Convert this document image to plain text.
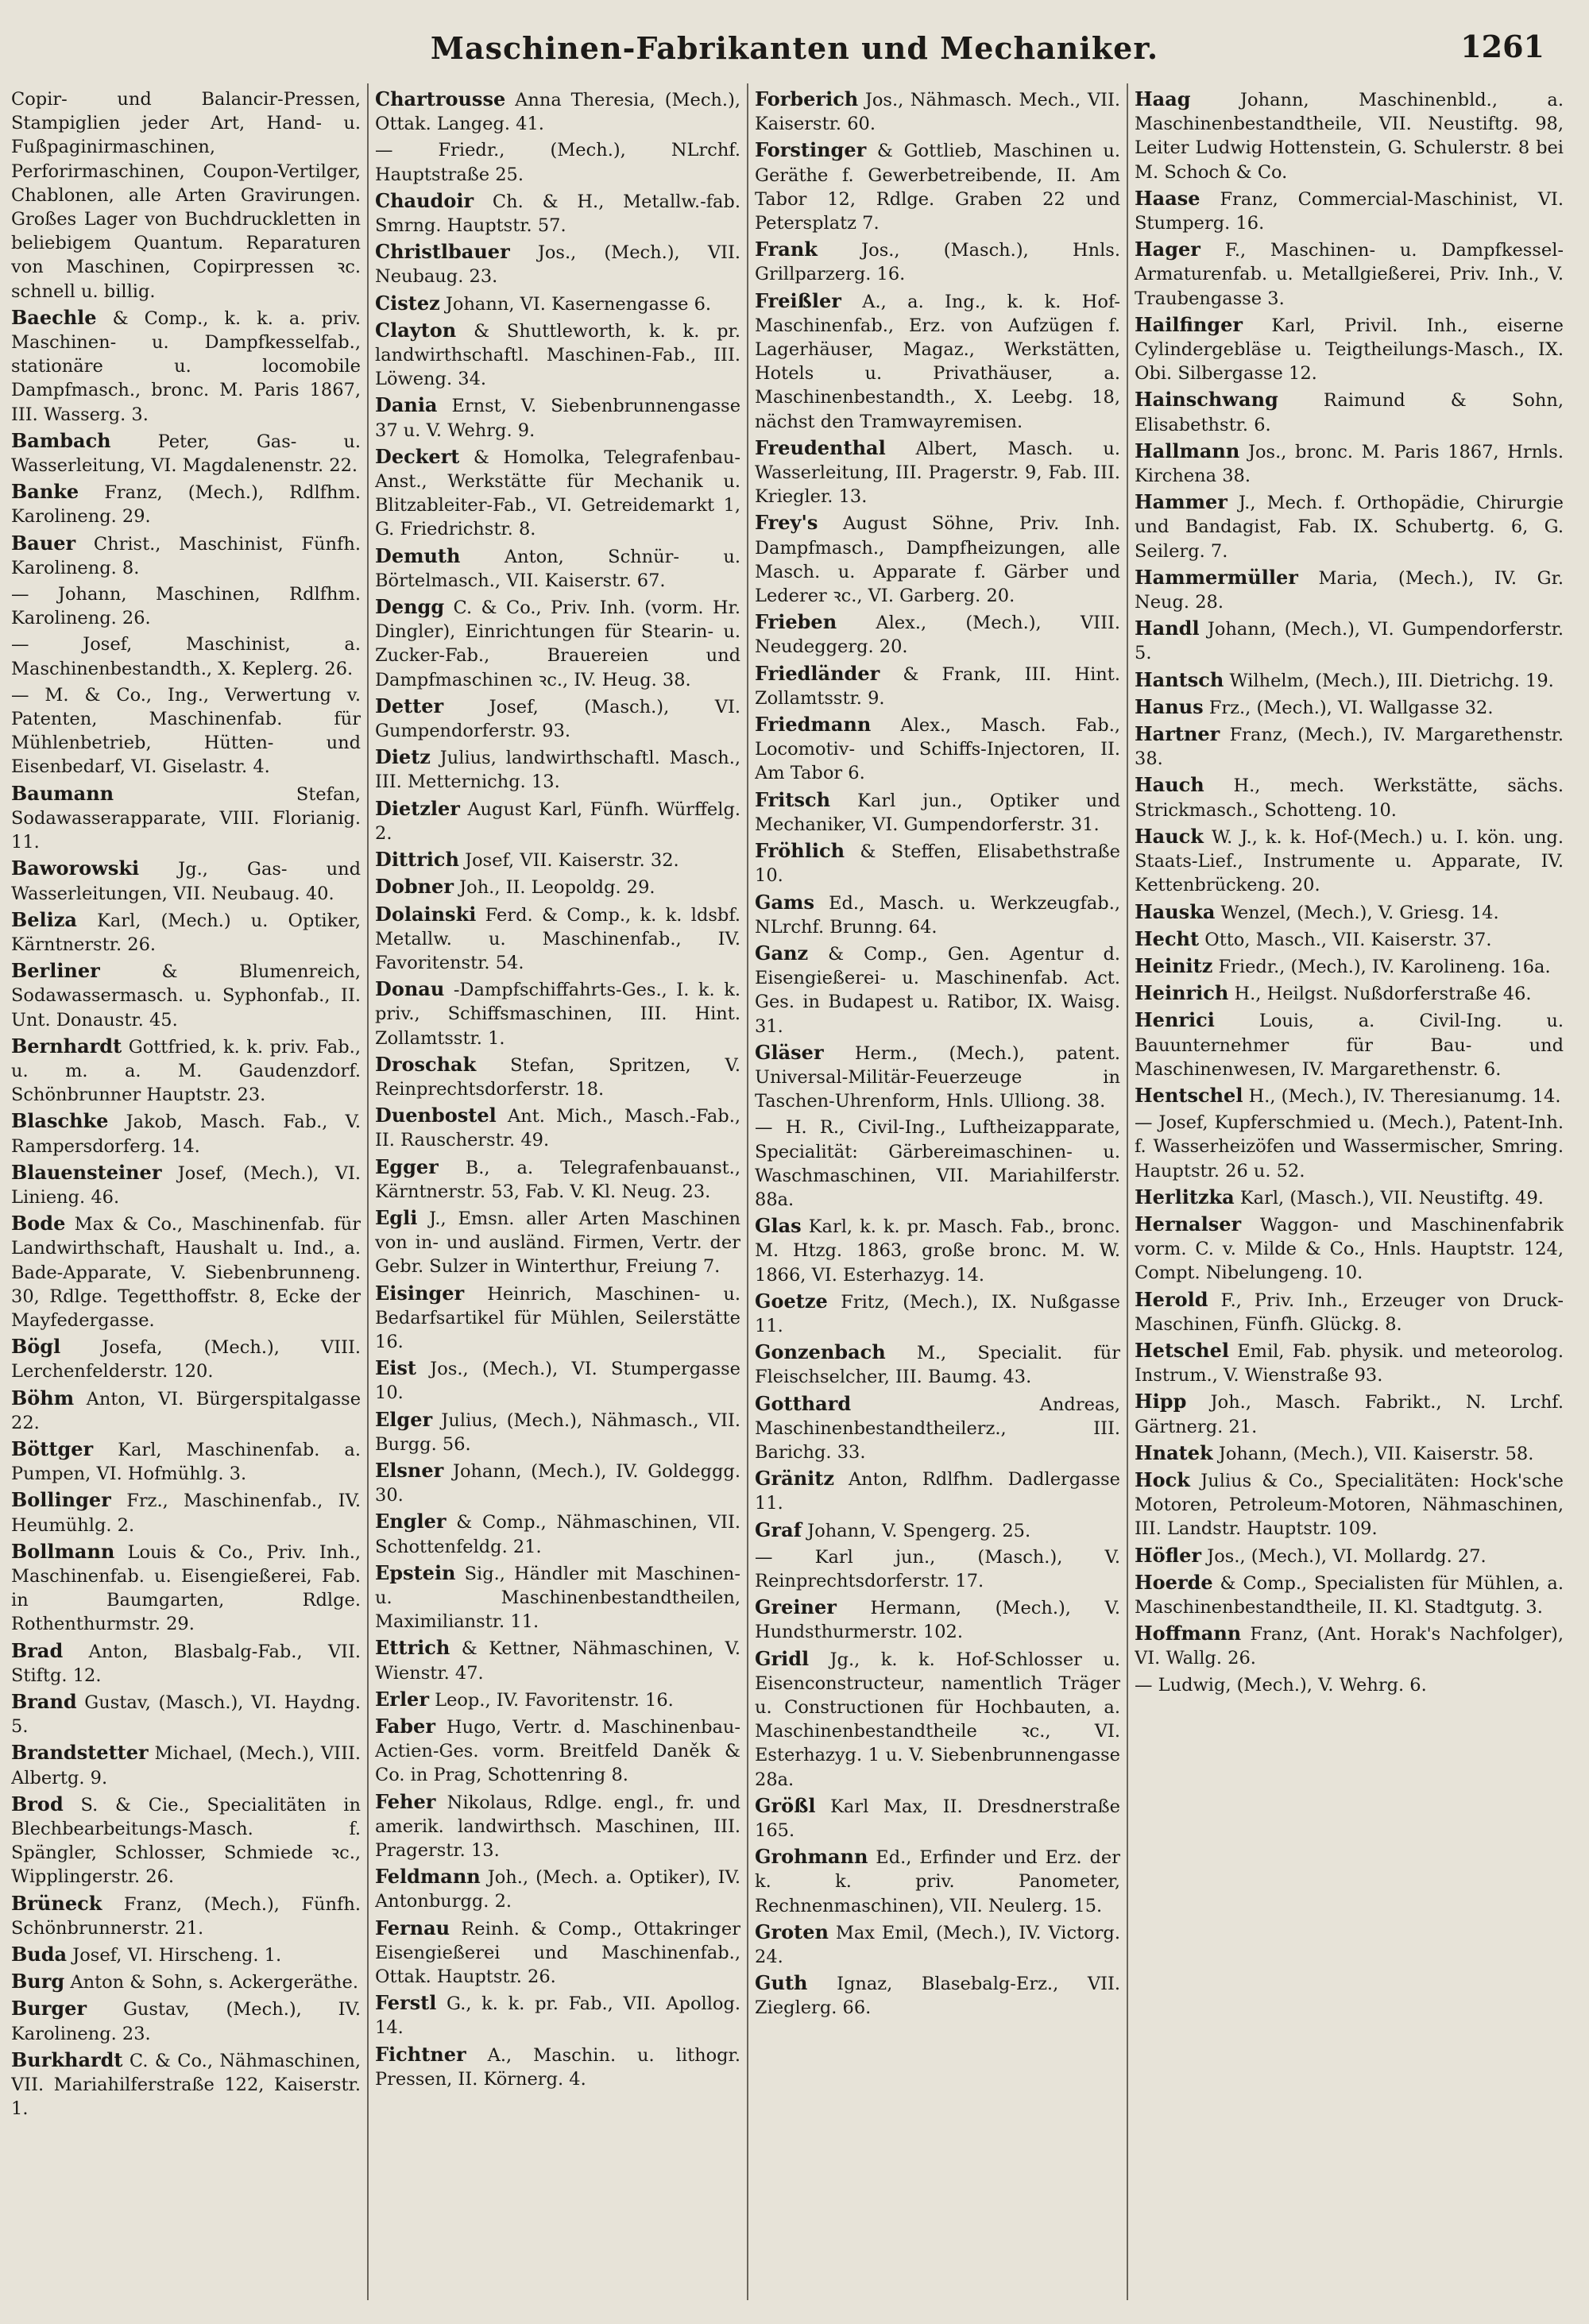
Maschinen-Fabrikanten und Mechaniker.	1261
Copir- und Balancir-Pressen, Stampiglien jeder Art, Hand- u. Fußpaginirmaschinen, Perforirmaschinen, Coupon-Vertilger, Chablonen, alle Arten Gravirungen. Großes Lager von Buchdruckletten in beliebigem Quantum. Reparaturen von Maschinen, Copirpressen ꝛc. schnell u. billig.
Baechle & Comp., k. k. a. priv. Maschinen- u. Dampfkesselfab., stationäre u. locomobile Dampfmasch., bronc. M. Paris 1867, III. Wasserg. 3.
Bambach	Peter, Gas- u. Wasserleitung, VI. Magdalenenstr. 22.
Banke Franz, (Mech.), Rdlfhm. Karolineng. 29.
Bauer Christ., Maschinist, Fünfh. Karolineng. 8.
— Johann, Maschinen, Rdlfhm. Karolineng. 26.
— Josef, Maschinist, a. Maschinenbestandth., X. Keplerg. 26.
— M. & Co., Ing., Verwertung v. Patenten, Maschinenfab. für Mühlenbetrieb, Hütten- und Eisenbedarf, VI. Giselastr. 4.
Baumann	Stefan, Sodawasserapparate, VIII. Florianig. 11.
Baworowski Jg., Gas- und Wasserleitungen, VII. Neubaug. 40.
Beliza Karl, (Mech.) u. Optiker, Kärntnerstr. 26.
Berliner	& Blumenreich, Sodawassermasch. u. Syphonfab., II. Unt. Donaustr. 45.
Bernhardt Gottfried, k. k. priv. Fab., u. m. a. M. Gaudenzdorf. Schönbrunner Hauptstr. 23.
Blaschke Jakob, Masch. Fab., V. Rampersdorferg. 14.
Blauensteiner Josef, (Mech.), VI. Linieng. 46.
Bode Max & Co., Maschinenfab. für Landwirthschaft, Haushalt u. Ind., a. Bade-Apparate, V. Siebenbrunneng. 30, Rdlge. Tegetthoffstr. 8, Ecke der Mayfedergasse.
Bögl Josefa, (Mech.), VIII. Lerchenfelderstr. 120.
Böhm Anton, VI. Bürgerspitalgasse 22.
Böttger Karl, Maschinenfab. a. Pumpen, VI. Hofmühlg. 3.
Bollinger Frz., Maschinenfab., IV. Heumühlg. 2.
Bollmann Louis & Co., Priv. Inh., Maschinenfab. u. Eisengießerei, Fab. in Baumgarten, Rdlge. Rothenthurmstr. 29.
Brad Anton, Blasbalg-Fab., VII. Stiftg. 12.
Brand Gustav, (Masch.), VI. Haydng. 5.
Brandstetter Michael, (Mech.), VIII. Albertg. 9.
Brod S. & Cie., Specialitäten in Blechbearbeitungs-Masch. f. Spängler, Schlosser, Schmiede ꝛc., Wipplingerstr. 26.
Brüneck Franz, (Mech.), Fünfh. Schönbrunnerstr. 21.
Buda Josef, VI. Hirscheng. 1.
Burg Anton & Sohn, s. Ackergeräthe.
Burger Gustav, (Mech.), IV. Karolineng. 23.
Burkhardt C. & Co., Nähmaschinen, VII. Mariahilferstraße 122, Kaiserstr. 1.
Chartrousse Anna Theresia, (Mech.), Ottak. Langeg. 41.
— Friedr., (Mech.), NLrchf. Hauptstraße 25.
Chaudoir Ch. & H., Metallw.-fab. Smrng. Hauptstr. 57.
Christlbauer Jos., (Mech.), VII. Neubaug. 23.
Cistez Johann, VI. Kasernengasse 6.
Clayton & Shuttleworth, k. k. pr. landwirthschaftl. Maschinen-Fab., III. Löweng. 34.
Dania Ernst, V. Siebenbrunnengasse 37 u. V. Wehrg. 9.
Deckert & Homolka, Telegrafenbau-Anst., Werkstätte für Mechanik u. Blitzableiter-Fab., VI. Getreidemarkt 1, G. Friedrichstr. 8.
Demuth Anton, Schnür- u. Börtelmasch., VII. Kaiserstr. 67.
Dengg C. & Co., Priv. Inh. (vorm. Hr. Dingler), Einrichtungen für Stearin- u. Zucker-Fab., Brauereien und Dampfmaschinen ꝛc., IV. Heug. 38.
Detter	Josef, (Masch.), VI. Gumpendorferstr. 93.
Dietz Julius, landwirthschaftl. Masch., III. Metternichg. 13.
Dietzler August Karl, Fünfh. Würffelg. 2.
Dittrich Josef, VII. Kaiserstr. 32.
Dobner Joh., II. Leopoldg. 29.
Dolainski Ferd. & Comp., k. k. ldsbf. Metallw. u. Maschinenfab., IV. Favoritenstr. 54.
Donau -Dampfschiffahrts-Ges., I. k. k. priv., Schiffsmaschinen, III. Hint. Zollamtsstr. 1.
Droschak Stefan, Spritzen, V. Reinprechtsdorferstr. 18.
Duenbostel Ant. Mich., Masch.-Fab., II. Rauscherstr. 49.
Egger B., a. Telegrafenbauanst., Kärntnerstr. 53, Fab. V. Kl. Neug. 23.
Egli J., Emsn. aller Arten Maschinen von in- und ausländ. Firmen, Vertr. der Gebr. Sulzer in Winterthur, Freiung 7.
Eisinger Heinrich, Maschinen- u. Bedarfsartikel für Mühlen, Seilerstätte 16.
Eist Jos., (Mech.), VI. Stumpergasse 10.
Elger Julius, (Mech.), Nähmasch., VII. Burgg. 56.
Elsner Johann, (Mech.), IV. Goldeggg. 30.
Engler & Comp., Nähmaschinen, VII. Schottenfeldg. 21.
Epstein Sig., Händler mit Maschinen- u. Maschinenbestandtheilen, Maximilianstr. 11.
Ettrich & Kettner, Nähmaschinen, V. Wienstr. 47.
Erler Leop., IV. Favoritenstr. 16.
Faber Hugo, Vertr. d. Maschinenbau-Actien-Ges. vorm. Breitfeld Daněk & Co. in Prag, Schottenring 8.
Feher Nikolaus, Rdlge. engl., fr. und amerik. landwirthsch. Maschinen, III. Pragerstr. 13.
Feldmann Joh., (Mech. a. Optiker), IV. Antonburgg. 2.
Fernau Reinh. & Comp., Ottakringer Eisengießerei und Maschinenfab., Ottak. Hauptstr. 26.
Ferstl G., k. k. pr. Fab., VII. Apollog. 14.
Fichtner A., Maschin. u. lithogr. Pressen, II. Körnerg. 4.
Forberich Jos., Nähmasch. Mech., VII. Kaiserstr. 60.
Forstinger & Gottlieb, Maschinen u. Geräthe f. Gewerbetreibende, II. Am Tabor 12, Rdlge. Graben 22 und Petersplatz 7.
Frank Jos., (Masch.), Hnls. Grillparzerg. 16.
Freißler A., a. Ing., k. k. Hof-Maschinenfab., Erz. von Aufzügen f. Lagerhäuser, Magaz., Werkstätten, Hotels u. Privathäuser, a. Maschinenbestandth., X. Leebg. 18, nächst den Tramwayremisen.
Freudenthal Albert, Masch. u. Wasserleitung, III. Pragerstr. 9, Fab. III. Kriegler. 13.
Frey's August Söhne, Priv. Inh. Dampfmasch., Dampfheizungen, alle Masch. u. Apparate f. Gärber und Lederer ꝛc., VI. Garberg. 20.
Frieben Alex., (Mech.), VIII. Neudeggerg. 20.
Friedländer & Frank, III. Hint. Zollamtsstr. 9.
Friedmann Alex., Masch. Fab., Locomotiv- und Schiffs-Injectoren, II. Am Tabor 6.
Fritsch Karl jun., Optiker und Mechaniker, VI. Gumpendorferstr. 31.
Fröhlich & Steffen, Elisabethstraße 10.
Gams Ed., Masch. u. Werkzeugfab., NLrchf. Brunng. 64.
Ganz & Comp., Gen. Agentur d. Eisengießerei- u. Maschinenfab. Act. Ges. in Budapest u. Ratibor, IX. Waisg. 31.
Gläser Herm., (Mech.), patent. Universal-Militär-Feuerzeuge in Taschen-Uhrenform, Hnls. Ulliong. 38.
— H. R., Civil-Ing., Luftheizapparate, Specialität: Gärbereimaschinen- u. Waschmaschinen, VII. Mariahilferstr. 88a.
Glas Karl, k. k. pr. Masch. Fab., bronc. M. Htzg. 1863, große bronc. M. W. 1866, VI. Esterhazyg. 14.
Goetze Fritz, (Mech.), IX. Nußgasse 11.
Gonzenbach M., Specialit. für Fleischselcher, III. Baumg. 43.
Gotthard	Andreas, Maschinenbestandtheilerz., III. Barichg. 33.
Gränitz Anton, Rdlfhm. Dadlergasse 11.
Graf Johann, V. Spengerg. 25.
— Karl jun., (Masch.), V. Reinprechtsdorferstr. 17.
Greiner Hermann, (Mech.), V. Hundsthurmerstr. 102.
Gridl Jg., k. k. Hof-Schlosser u. Eisenconstructeur, namentlich Träger u. Constructionen für Hochbauten, a. Maschinenbestandtheile ꝛc., VI. Esterhazyg. 1 u. V. Siebenbrunnengasse 28a.
Größl Karl Max, II. Dresdnerstraße 165.
Grohmann Ed., Erfinder und Erz. der k. k. priv. Panometer, Rechnenmaschinen), VII. Neulerg. 15.
Groten Max Emil, (Mech.), IV. Victorg. 24.
Guth Ignaz, Blasebalg-Erz., VII. Zieglerg. 66.
Haag	Johann, Maschinenbld., a. Maschinenbestandtheile, VII. Neustiftg. 98, Leiter Ludwig Hottenstein, G. Schulerstr. 8 bei M. Schoch & Co.
Haase Franz, Commercial-Maschinist, VI. Stumperg. 16.
Hager F., Maschinen- u. Dampfkessel-Armaturenfab. u. Metallgießerei, Priv. Inh., V. Traubengasse 3.
Hailfinger Karl, Privil. Inh., eiserne Cylindergebläse u. Teigtheilungs-Masch., IX. Obi. Silbergasse 12.
Hainschwang	Raimund & Sohn, Elisabethstr. 6.
Hallmann Jos., bronc. M. Paris 1867, Hrnls. Kirchena 38.
Hammer J., Mech. f. Orthopädie, Chirurgie und Bandagist, Fab. IX. Schubertg. 6, G. Seilerg. 7.
Hammermüller Maria, (Mech.), IV. Gr. Neug. 28.
Handl Johann, (Mech.), VI. Gumpendorferstr. 5.
Hantsch Wilhelm, (Mech.), III. Dietrichg. 19.
Hanus Frz., (Mech.), VI. Wallgasse 32.
Hartner Franz, (Mech.), IV. Margarethenstr. 38.
Hauch H., mech. Werkstätte, sächs. Strickmasch., Schotteng. 10.
Hauck W. J., k. k. Hof-(Mech.) u. I. kön. ung. Staats-Lief., Instrumente u. Apparate, IV. Kettenbrückeng. 20.
Hauska Wenzel, (Mech.), V. Griesg. 14.
Hecht Otto, Masch., VII. Kaiserstr. 37.
Heinitz Friedr., (Mech.), IV. Karolineng. 16a.
Heinrich H., Heilgst. Nußdorferstraße 46.
Henrici Louis, a. Civil-Ing. u. Bauunternehmer für Bau- und Maschinenwesen, IV. Margarethenstr. 6.
Hentschel H., (Mech.), IV. Theresianumg. 14.
— Josef, Kupferschmied u. (Mech.), Patent-Inh. f. Wasserheizöfen und Wassermischer, Smring. Hauptstr. 26 u. 52.
Herlitzka Karl, (Masch.), VII. Neustiftg. 49.
Hernalser Waggon- und Maschinenfabrik vorm. C. v. Milde & Co., Hnls. Hauptstr. 124, Compt. Nibelungeng. 10.
Herold F., Priv. Inh., Erzeuger von Druck-Maschinen, Fünfh. Glückg. 8.
Hetschel Emil, Fab. physik. und meteorolog. Instrum., V. Wienstraße 93.
Hipp Joh., Masch. Fabrikt., N. Lrchf. Gärtnerg. 21.
Hnatek Johann, (Mech.), VII. Kaiserstr. 58.
Hock Julius & Co., Specialitäten: Hock'sche Motoren, Petroleum-Motoren, Nähmaschinen, III. Landstr. Hauptstr. 109.
Höfler Jos., (Mech.), VI. Mollardg. 27.
Hoerde & Comp., Specialisten für Mühlen, a. Maschinenbestandtheile, II. Kl. Stadtgutg. 3.
Hoffmann Franz, (Ant. Horak's Nachfolger), VI. Wallg. 26.
— Ludwig, (Mech.), V. Wehrg. 6.
